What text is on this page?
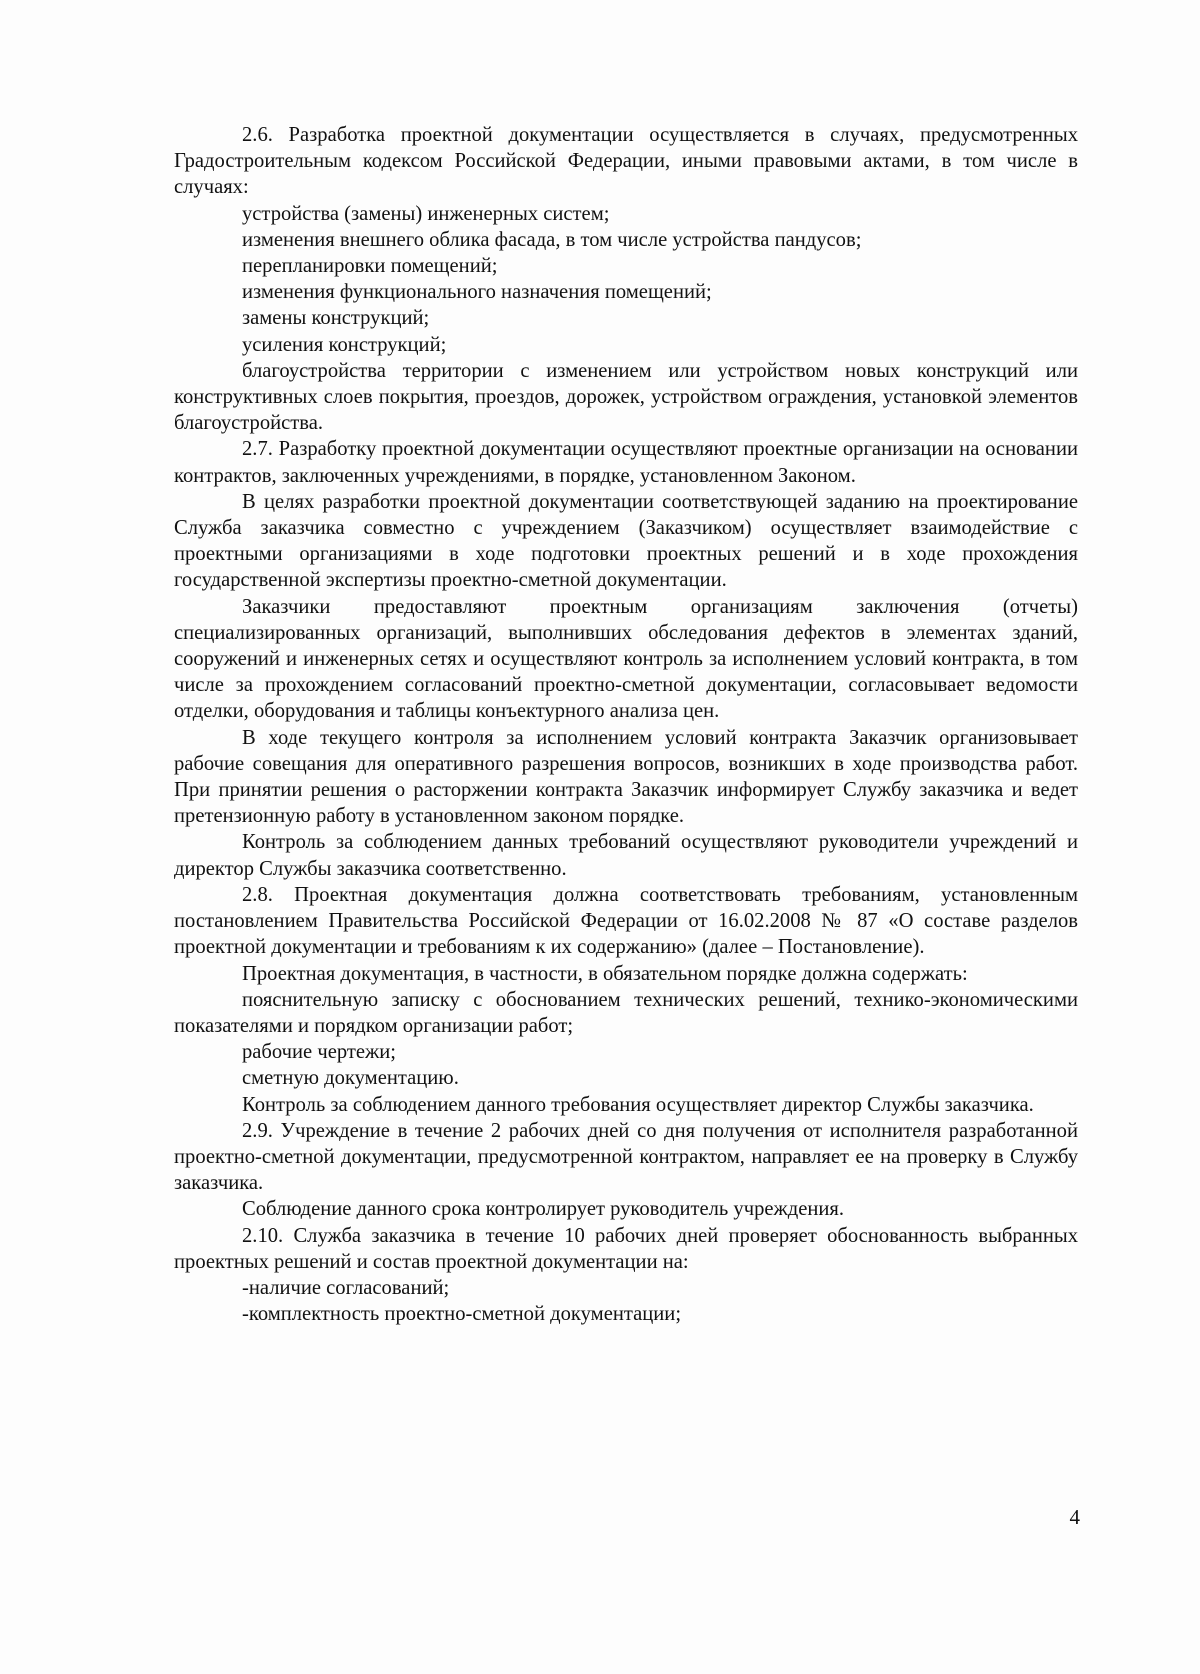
2.6. Разработка проектной документации осуществляется в случаях, предусмотренных Градостроительным кодексом Российской Федерации, иными правовыми актами, в том числе в случаях:

устройства (замены) инженерных систем;

изменения внешнего облика фасада, в том числе устройства пандусов;

перепланировки помещений;

изменения функционального назначения помещений;

замены конструкций;

усиления конструкций;

благоустройства территории с изменением или устройством новых конструкций или конструктивных слоев покрытия, проездов, дорожек, устройством ограждения, установкой элементов благоустройства.

2.7. Разработку проектной документации осуществляют проектные организации на основании контрактов, заключенных учреждениями, в порядке, установленном Законом.

В целях разработки проектной документации соответствующей заданию на проектирование Служба заказчика совместно с учреждением (Заказчиком) осуществляет взаимодействие с проектными организациями в ходе подготовки проектных решений и в ходе прохождения государственной экспертизы проектно-сметной документации.

Заказчики предоставляют проектным организациям заключения (отчеты) специализированных организаций, выполнивших обследования дефектов в элементах зданий, сооружений и инженерных сетях и осуществляют контроль за исполнением условий контракта, в том числе за прохождением согласований проектно-сметной документации, согласовывает ведомости отделки, оборудования и таблицы конъектурного анализа цен.

В ходе текущего контроля за исполнением условий контракта Заказчик организовывает рабочие совещания для оперативного разрешения вопросов, возникших в ходе производства работ. При принятии решения о расторжении контракта Заказчик информирует Службу заказчика и ведет претензионную работу в установленном законом порядке.

Контроль за соблюдением данных требований осуществляют руководители учреждений и директор Службы заказчика соответственно.

2.8. Проектная документация должна соответствовать требованиям, установленным постановлением Правительства Российской Федерации от 16.02.2008 № 87 «О составе разделов проектной документации и требованиям к их содержанию» (далее – Постановление).

Проектная документация, в частности, в обязательном порядке должна содержать:

пояснительную записку с обоснованием технических решений, технико-экономическими показателями и порядком организации работ;

рабочие чертежи;

сметную документацию.

Контроль за соблюдением данного требования осуществляет директор Службы заказчика.

2.9. Учреждение в течение 2 рабочих дней со дня получения от исполнителя разработанной проектно-сметной документации, предусмотренной контрактом, направляет ее на проверку в Службу заказчика.

Соблюдение данного срока контролирует руководитель учреждения.

2.10. Служба заказчика в течение 10 рабочих дней проверяет обоснованность выбранных проектных решений и состав проектной документации на:

-наличие согласований;

-комплектность проектно-сметной документации;

4
